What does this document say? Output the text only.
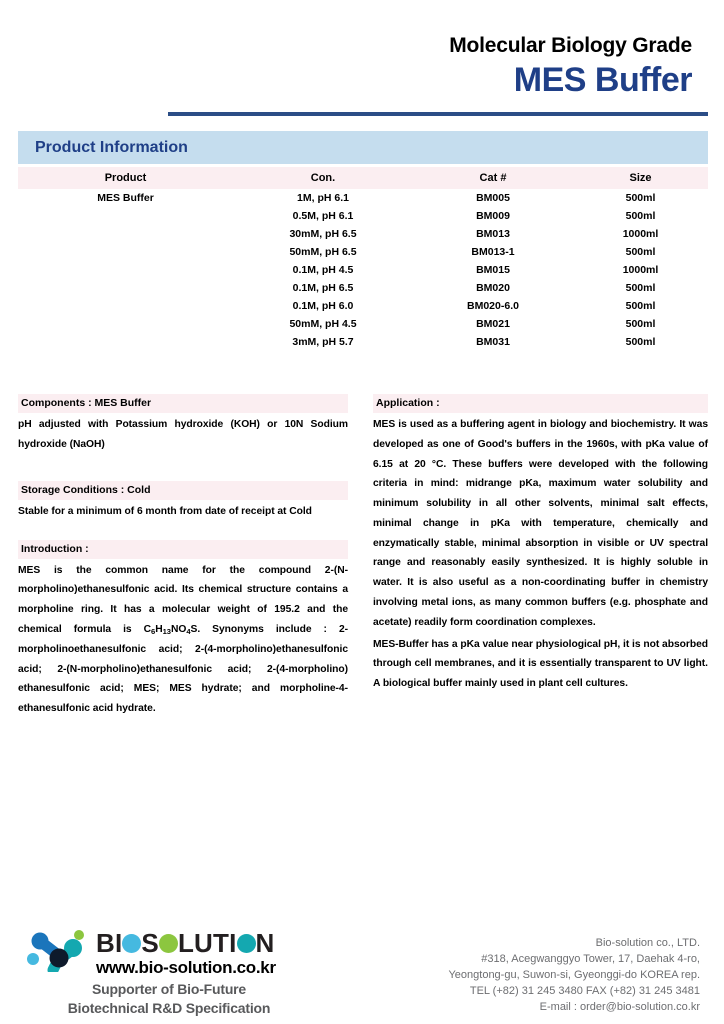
Molecular Biology Grade
MES Buffer
Product Information
Product	Con.	Cat #	Size
MES Buffer	1M, pH 6.1	BM005	500ml
	0.5M, pH 6.1	BM009	500ml
	30mM, pH 6.5	BM013	1000ml
	50mM, pH 6.5	BM013-1	500ml
	0.1M, pH 4.5	BM015	1000ml
	0.1M, pH 6.5	BM020	500ml
	0.1M, pH 6.0	BM020-6.0	500ml
	50mM, pH 4.5	BM021	500ml
	3mM, pH 5.7	BM031	500ml
Components : MES Buffer
pH adjusted with Potassium hydroxide (KOH) or 10N Sodium hydroxide (NaOH)
Storage Conditions : Cold
Stable for a minimum of 6 month from date of receipt at Cold
Introduction :
MES is the common name for the compound 2-(N-morpholino)ethanesulfonic acid. Its chemical structure contains a morpholine ring. It has a molecular weight of 195.2 and the chemical formula is $C_6H_{13}NO_4S$. Synonyms include : 2-morpholinoethanesulfonic acid; 2-(4-morpholino)ethanesulfonic acid; 2-(N-morpholino)ethanesulfonic acid; 2-(4-morpholino) ethanesulfonic acid; MES; MES hydrate; and morpholine-4-ethanesulfonic acid hydrate.
Application :
MES is used as a buffering agent in biology and biochemistry. It was developed as one of Good's buffers in the 1960s, with pKa value of 6.15 at 20 °C. These buffers were developed with the following criteria in mind: midrange pKa, maximum water solubility and minimum solubility in all other solvents, minimal salt effects, minimal change in pKa with temperature, chemically and enzymatically stable, minimal absorption in visible or UV spectral range and reasonably easily synthesized. It is highly soluble in water. It is also useful as a non-coordinating buffer in chemistry involving metal ions, as many common buffers (e.g. phosphate and acetate) readily form coordination complexes.
MES-Buffer has a pKa value near physiological pH, it is not absorbed through cell membranes, and it is essentially transparent to UV light. A biological buffer mainly used in plant cell cultures.
BI S LUTI N
www.bio-solution.co.kr
Supporter of Bio-Future
Biotechnical R&D Specification
Bio-solution co., LTD.
#318, Acegwanggyo Tower, 17, Daehak 4-ro,
Yeongtong-gu, Suwon-si, Gyeonggi-do KOREA rep.
TEL (+82) 31 245 3480 FAX (+82) 31 245 3481
E-mail : order@bio-solution.co.kr
